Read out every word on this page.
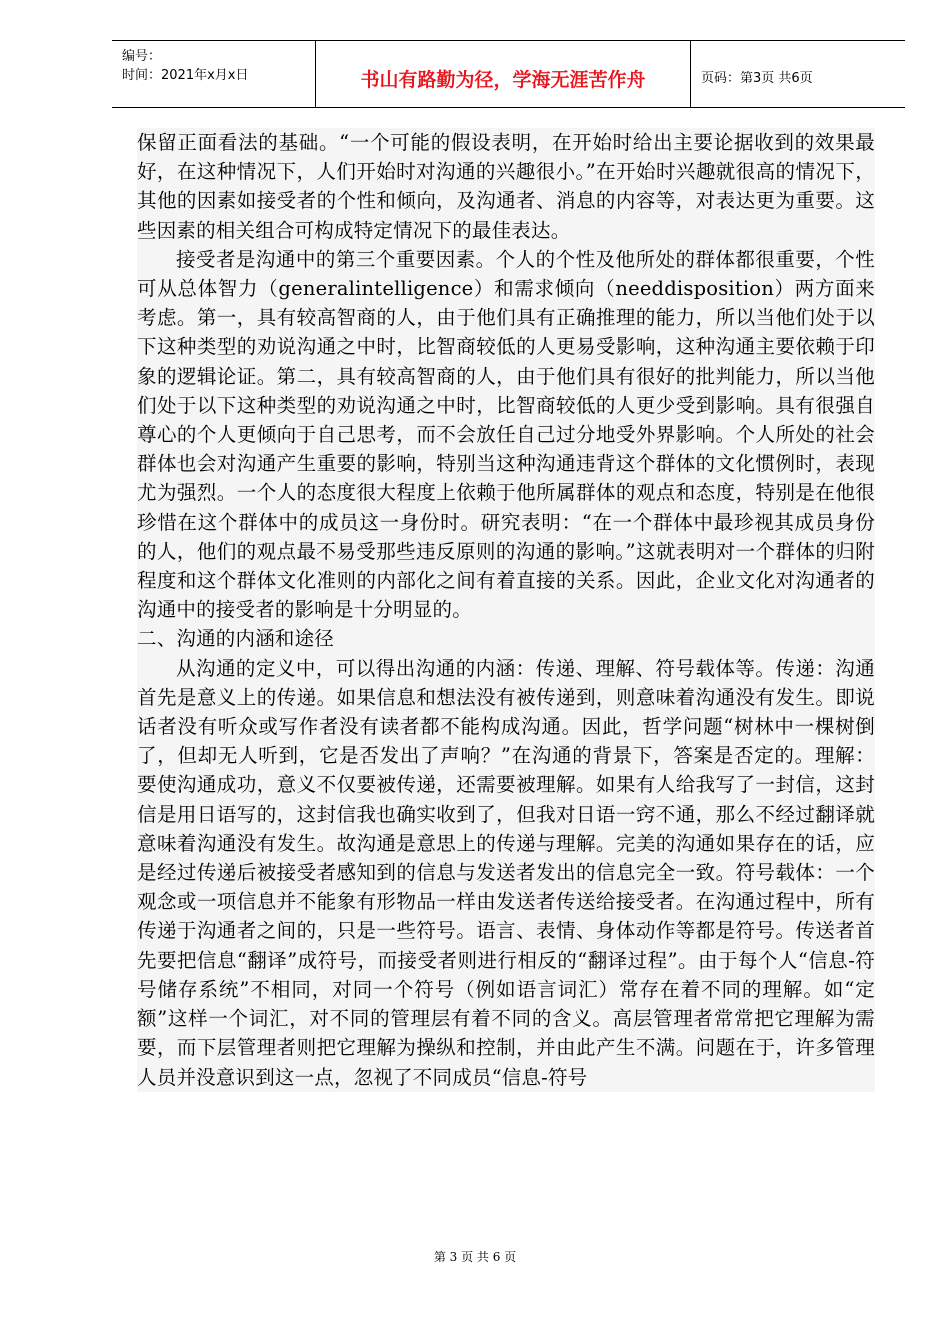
编号：
时间：2021年x月x日	书山有路勤为径，学海无涯苦作舟	页码：第3页 共6页

保留正面看法的基础。“一个可能的假设表明，在开始时给出主要论据收到的效果最好，在这种情况下，人们开始时对沟通的兴趣很小。”在开始时兴趣就很高的情况下，其他的因素如接受者的个性和倾向，及沟通者、消息的内容等，对表达更为重要。这些因素的相关组合可构成特定情况下的最佳表达。

接受者是沟通中的第三个重要因素。个人的个性及他所处的群体都很重要，个性可从总体智力（generalintelligence）和需求倾向（needdisposition）两方面来考虑。第一，具有较高智商的人，由于他们具有正确推理的能力，所以当他们处于以下这种类型的劝说沟通之中时，比智商较低的人更易受影响，这种沟通主要依赖于印象的逻辑论证。第二，具有较高智商的人，由于他们具有很好的批判能力，所以当他们处于以下这种类型的劝说沟通之中时，比智商较低的人更少受到影响。具有很强自尊心的个人更倾向于自己思考，而不会放任自己过分地受外界影响。个人所处的社会群体也会对沟通产生重要的影响，特别当这种沟通违背这个群体的文化惯例时，表现尤为强烈。一个人的态度很大程度上依赖于他所属群体的观点和态度，特别是在他很珍惜在这个群体中的成员这一身份时。研究表明：“在一个群体中最珍视其成员身份的人，他们的观点最不易受那些违反原则的沟通的影响。”这就表明对一个群体的归附程度和这个群体文化准则的内部化之间有着直接的关系。因此，企业文化对沟通者的沟通中的接受者的影响是十分明显的。

二、沟通的内涵和途径

从沟通的定义中，可以得出沟通的内涵：传递、理解、符号载体等。传递：沟通首先是意义上的传递。如果信息和想法没有被传递到，则意味着沟通没有发生。即说话者没有听众或写作者没有读者都不能构成沟通。因此，哲学问题“树林中一棵树倒了，但却无人听到，它是否发出了声响？”在沟通的背景下，答案是否定的。理解：要使沟通成功，意义不仅要被传递，还需要被理解。如果有人给我写了一封信，这封信是用日语写的，这封信我也确实收到了，但我对日语一窍不通，那么不经过翻译就意味着沟通没有发生。故沟通是意思上的传递与理解。完美的沟通如果存在的话，应是经过传递后被接受者感知到的信息与发送者发出的信息完全一致。符号载体：一个观念或一项信息并不能象有形物品一样由发送者传送给接受者。在沟通过程中，所有传递于沟通者之间的，只是一些符号。语言、表情、身体动作等都是符号。传送者首先要把信息“翻译”成符号，而接受者则进行相反的“翻译过程”。由于每个人“信息-符号储存系统”不相同，对同一个符号（例如语言词汇）常存在着不同的理解。如“定额”这样一个词汇，对不同的管理层有着不同的含义。高层管理者常常把它理解为需要，而下层管理者则把它理解为操纵和控制，并由此产生不满。问题在于，许多管理人员并没意识到这一点，忽视了不同成员“信息-符号

第 3 页 共 6 页
